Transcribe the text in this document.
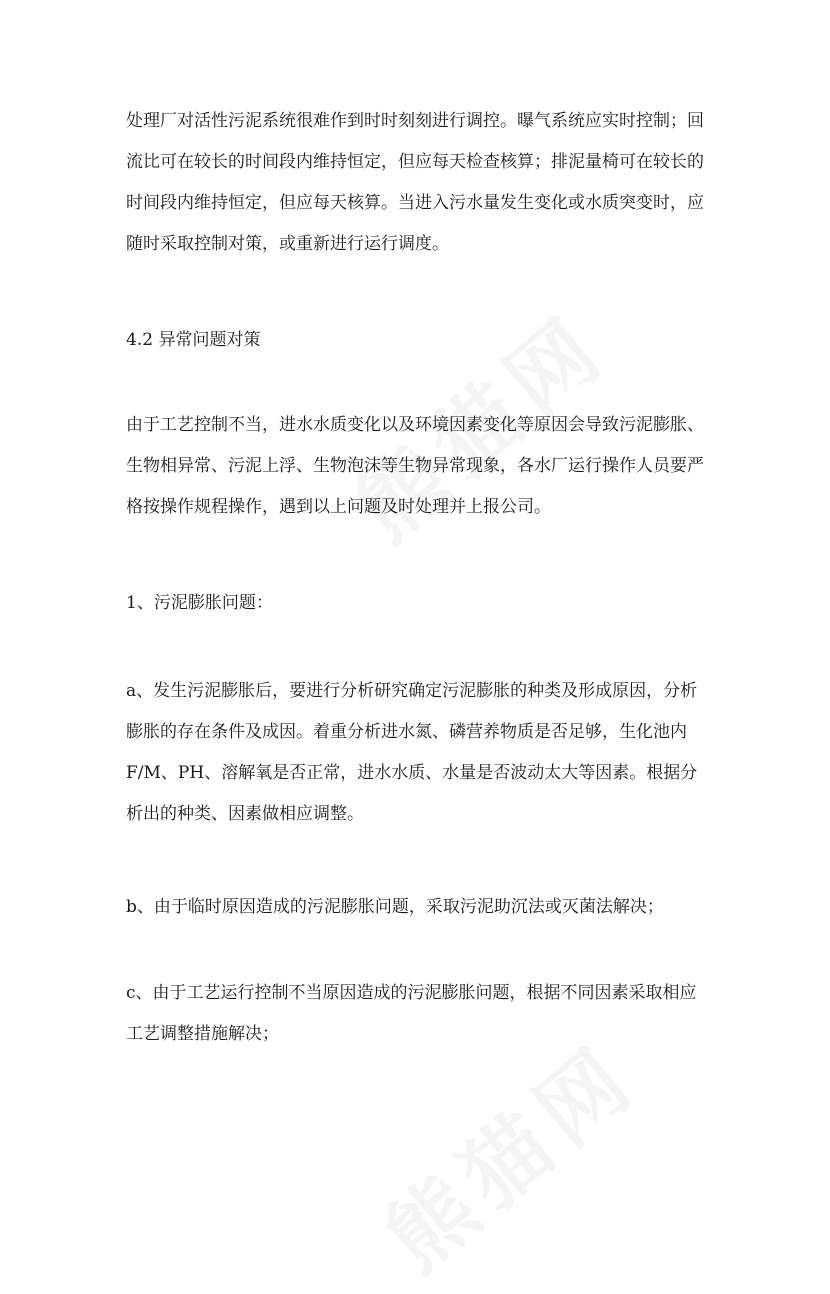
处理厂对活性污泥系统很难作到时时刻刻进行调控。曝气系统应实时控制；回流比可在较长的时间段内维持恒定，但应每天检查核算；排泥量椅可在较长的时间段内维持恒定，但应每天核算。当进入污水量发生变化或水质突变时，应随时采取控制对策，或重新进行运行调度。

4.2 异常问题对策

由于工艺控制不当，进水水质变化以及环境因素变化等原因会导致污泥膨胀、生物相异常、污泥上浮、生物泡沫等生物异常现象，各水厂运行操作人员要严格按操作规程操作，遇到以上问题及时处理并上报公司。

1、污泥膨胀问题：

a、发生污泥膨胀后，要进行分析研究确定污泥膨胀的种类及形成原因，分析膨胀的存在条件及成因。着重分析进水氮、磷营养物质是否足够，生化池内 F/M、PH、溶解氧是否正常，进水水质、水量是否波动太大等因素。根据分析出的种类、因素做相应调整。

b、由于临时原因造成的污泥膨胀问题，采取污泥助沉法或灭菌法解决；

c、由于工艺运行控制不当原因造成的污泥膨胀问题，根据不同因素采取相应工艺调整措施解决；
